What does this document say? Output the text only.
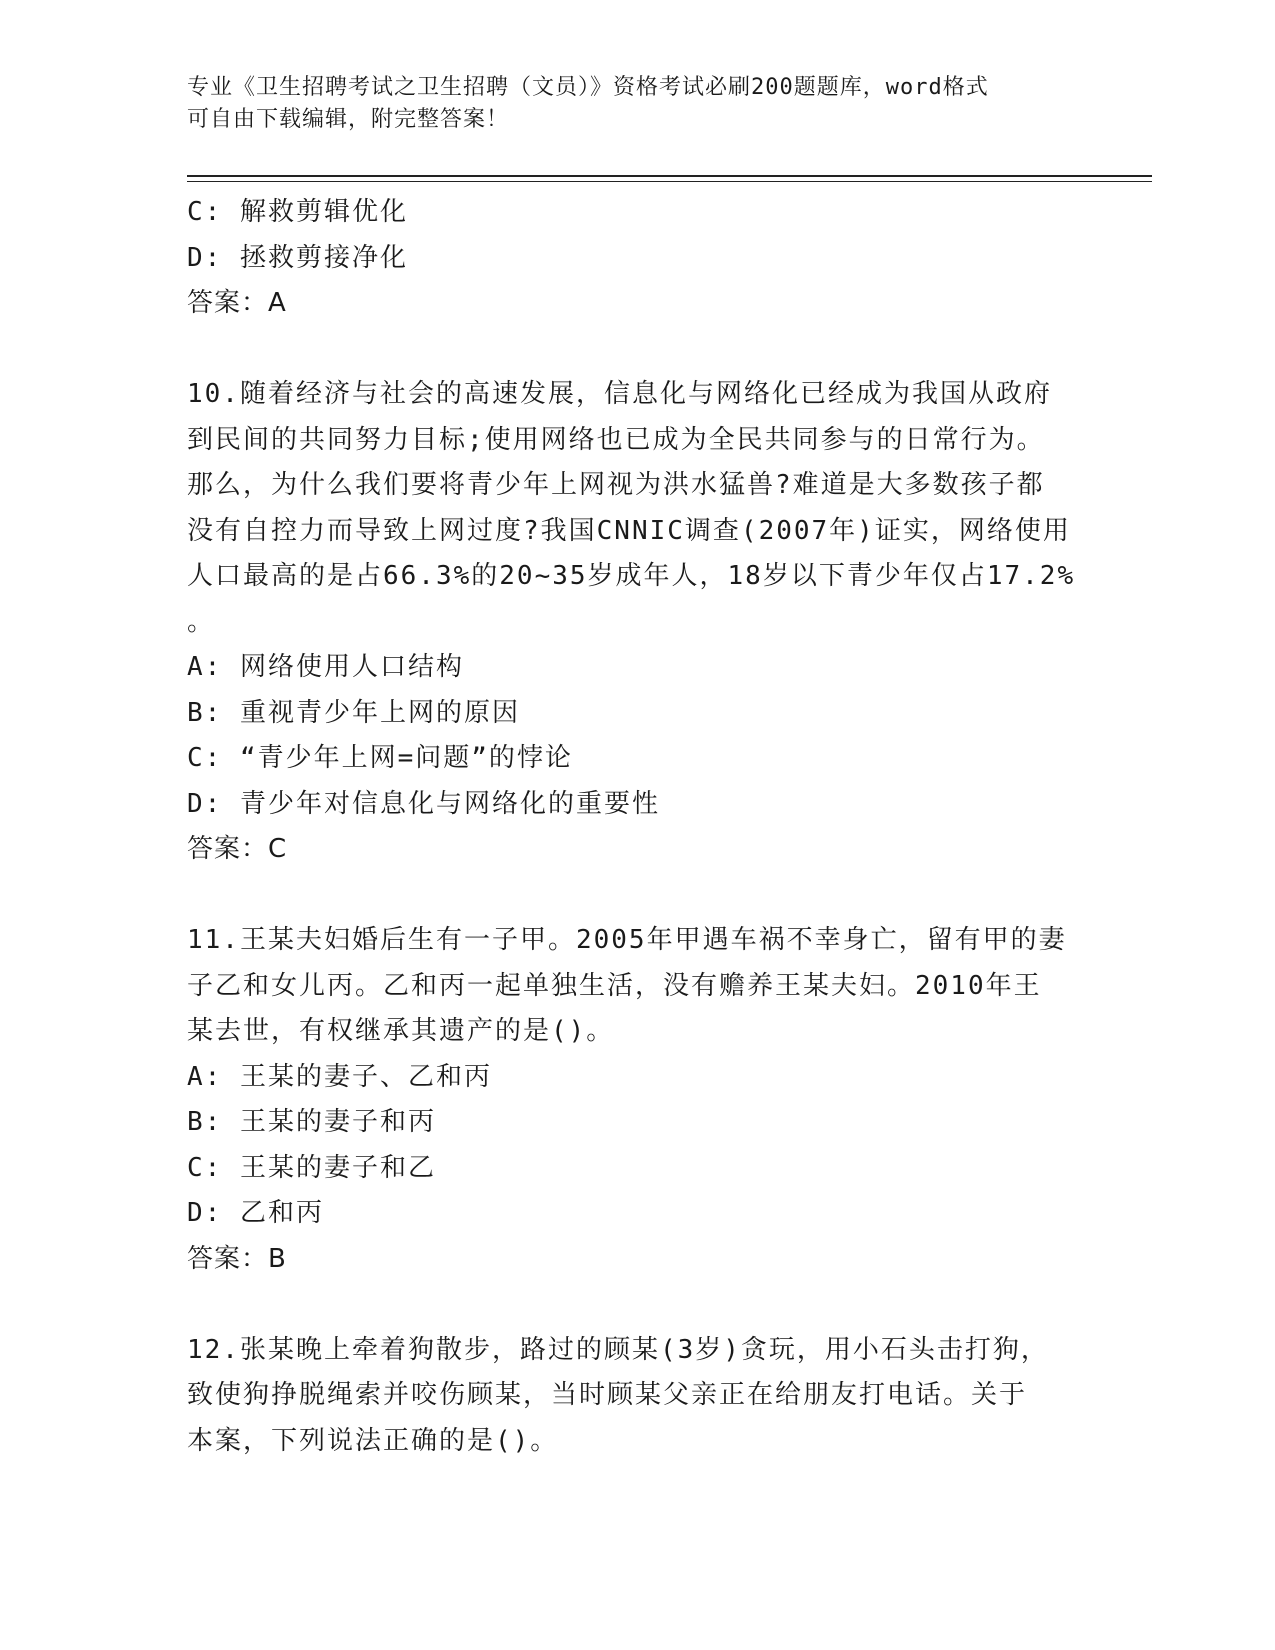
专业《卫生招聘考试之卫生招聘（文员）》资格考试必刷200题题库，word格式
可自由下载编辑，附完整答案！
C: 解救剪辑优化
D: 拯救剪接净化
答案：A
10.随着经济与社会的高速发展，信息化与网络化已经成为我国从政府
到民间的共同努力目标;使用网络也已成为全民共同参与的日常行为。
那么，为什么我们要将青少年上网视为洪水猛兽?难道是大多数孩子都
没有自控力而导致上网过度?我国CNNIC调查(2007年)证实，网络使用
人口最高的是占66.3%的20~35岁成年人，18岁以下青少年仅占17.2%
。
A: 网络使用人口结构
B: 重视青少年上网的原因
C: “青少年上网=问题”的悖论
D: 青少年对信息化与网络化的重要性
答案：C
11.王某夫妇婚后生有一子甲。2005年甲遇车祸不幸身亡，留有甲的妻
子乙和女儿丙。乙和丙一起单独生活，没有赡养王某夫妇。2010年王
某去世，有权继承其遗产的是()。
A: 王某的妻子、乙和丙
B: 王某的妻子和丙
C: 王某的妻子和乙
D: 乙和丙
答案：B
12.张某晚上牵着狗散步，路过的顾某(3岁)贪玩，用小石头击打狗，
致使狗挣脱绳索并咬伤顾某，当时顾某父亲正在给朋友打电话。关于
本案，下列说法正确的是()。
